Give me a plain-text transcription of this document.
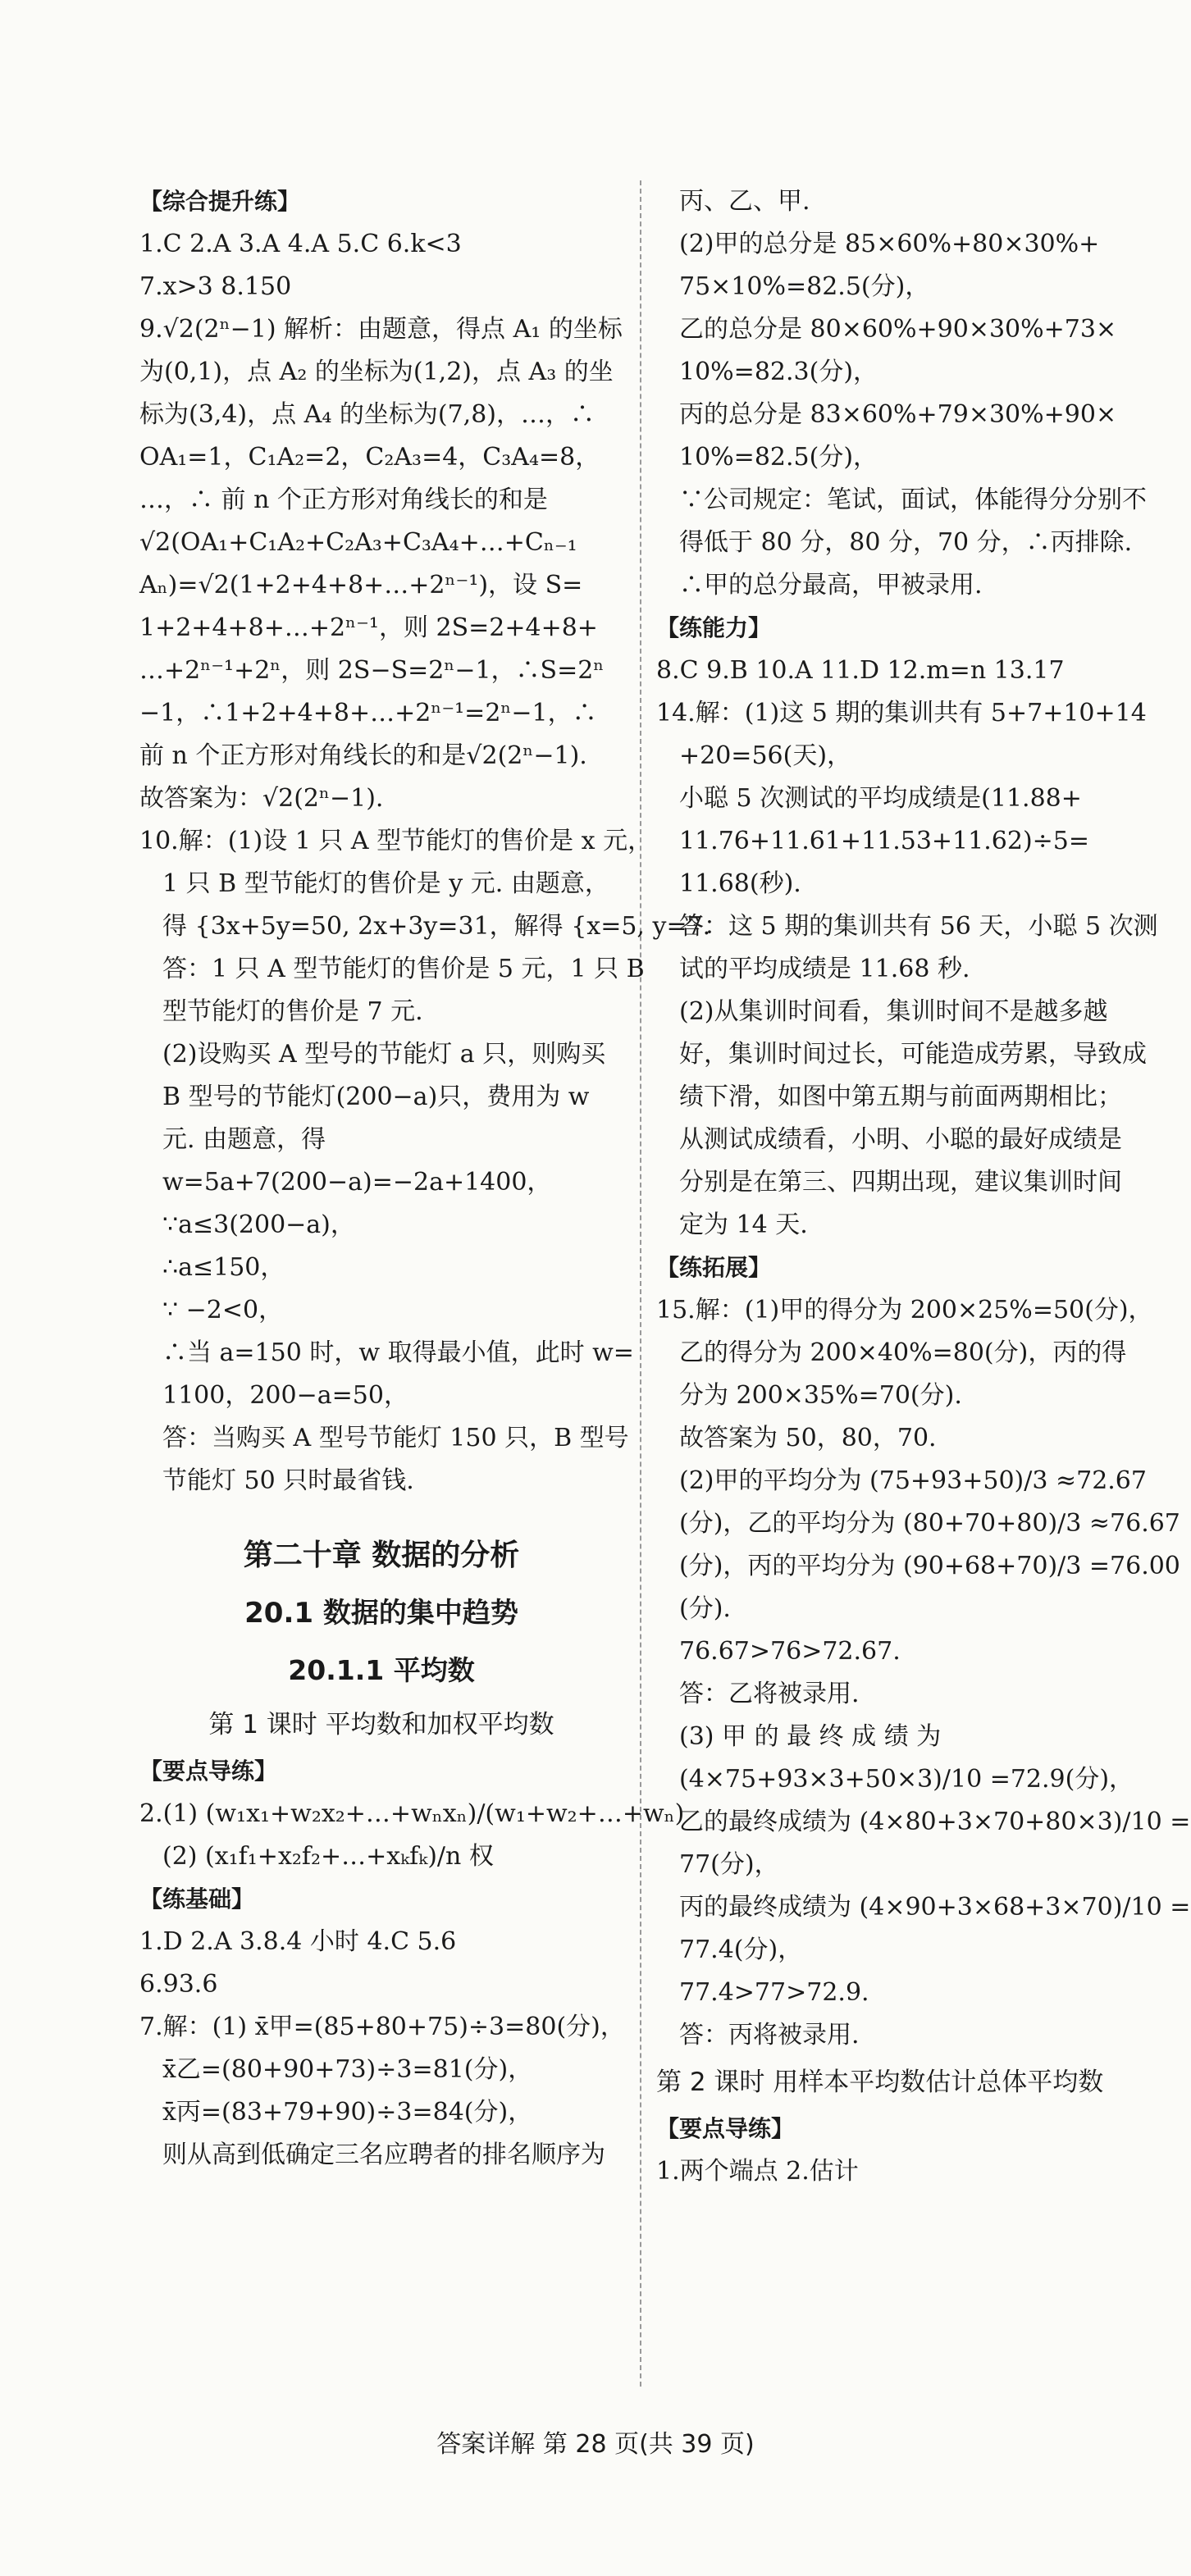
【综合提升练】
1.C 2.A 3.A 4.A 5.C 6.k<3
7.x>3 8.150
9.√2(2ⁿ−1) 解析：由题意，得点 A₁ 的坐标
为(0,1)，点 A₂ 的坐标为(1,2)，点 A₃ 的坐
标为(3,4)，点 A₄ 的坐标为(7,8)，…，∴
OA₁=1，C₁A₂=2，C₂A₃=4，C₃A₄=8，
…，∴ 前 n 个正方形对角线长的和是
√2(OA₁+C₁A₂+C₂A₃+C₃A₄+…+Cₙ₋₁
Aₙ)=√2(1+2+4+8+…+2ⁿ⁻¹)，设 S=
1+2+4+8+…+2ⁿ⁻¹，则 2S=2+4+8+
…+2ⁿ⁻¹+2ⁿ，则 2S−S=2ⁿ−1，∴S=2ⁿ
−1，∴1+2+4+8+…+2ⁿ⁻¹=2ⁿ−1，∴
前 n 个正方形对角线长的和是√2(2ⁿ−1).
故答案为：√2(2ⁿ−1).
10.解：(1)设 1 只 A 型节能灯的售价是 x 元，
1 只 B 型节能灯的售价是 y 元. 由题意，
得 {3x+5y=50, 2x+3y=31，解得 {x=5, y=7.
答：1 只 A 型节能灯的售价是 5 元，1 只 B
型节能灯的售价是 7 元.
(2)设购买 A 型号的节能灯 a 只，则购买
B 型号的节能灯(200−a)只，费用为 w
元. 由题意，得
w=5a+7(200−a)=−2a+1400，
∵a≤3(200−a)，
∴a≤150，
∵ −2<0，
∴当 a=150 时，w 取得最小值，此时 w=
1100，200−a=50，
答：当购买 A 型号节能灯 150 只，B 型号
节能灯 50 只时最省钱.
第二十章 数据的分析
20.1 数据的集中趋势
20.1.1 平均数
第 1 课时 平均数和加权平均数
【要点导练】
2.(1) (w₁x₁+w₂x₂+…+wₙxₙ)/(w₁+w₂+…+wₙ)
(2) (x₁f₁+x₂f₂+…+xₖfₖ)/n 权
【练基础】
1.D 2.A 3.8.4 小时 4.C 5.6
6.93.6
7.解：(1) x̄甲=(85+80+75)÷3=80(分)，
x̄乙=(80+90+73)÷3=81(分)，
x̄丙=(83+79+90)÷3=84(分)，
则从高到低确定三名应聘者的排名顺序为
丙、乙、甲.
(2)甲的总分是 85×60%+80×30%+
75×10%=82.5(分)，
乙的总分是 80×60%+90×30%+73×
10%=82.3(分)，
丙的总分是 83×60%+79×30%+90×
10%=82.5(分)，
∵公司规定：笔试，面试，体能得分分别不
得低于 80 分，80 分，70 分，∴丙排除.
∴甲的总分最高，甲被录用.
【练能力】
8.C 9.B 10.A 11.D 12.m=n 13.17
14.解：(1)这 5 期的集训共有 5+7+10+14
+20=56(天)，
小聪 5 次测试的平均成绩是(11.88+
11.76+11.61+11.53+11.62)÷5=
11.68(秒).
答：这 5 期的集训共有 56 天，小聪 5 次测
试的平均成绩是 11.68 秒.
(2)从集训时间看，集训时间不是越多越
好，集训时间过长，可能造成劳累，导致成
绩下滑，如图中第五期与前面两期相比；
从测试成绩看，小明、小聪的最好成绩是
分别是在第三、四期出现，建议集训时间
定为 14 天.
【练拓展】
15.解：(1)甲的得分为 200×25%=50(分)，
乙的得分为 200×40%=80(分)，丙的得
分为 200×35%=70(分).
故答案为 50，80，70.
(2)甲的平均分为 (75+93+50)/3 ≈72.67
(分)，乙的平均分为 (80+70+80)/3 ≈76.67
(分)，丙的平均分为 (90+68+70)/3 =76.00
(分).
76.67>76>72.67.
答：乙将被录用.
(3) 甲 的 最 终 成 绩 为
(4×75+93×3+50×3)/10 =72.9(分)，
乙的最终成绩为 (4×80+3×70+80×3)/10 =
77(分)，
丙的最终成绩为 (4×90+3×68+3×70)/10 =
77.4(分)，
77.4>77>72.9.
答：丙将被录用.
第 2 课时 用样本平均数估计总体平均数
【要点导练】
1.两个端点 2.估计
答案详解 第 28 页(共 39 页)
